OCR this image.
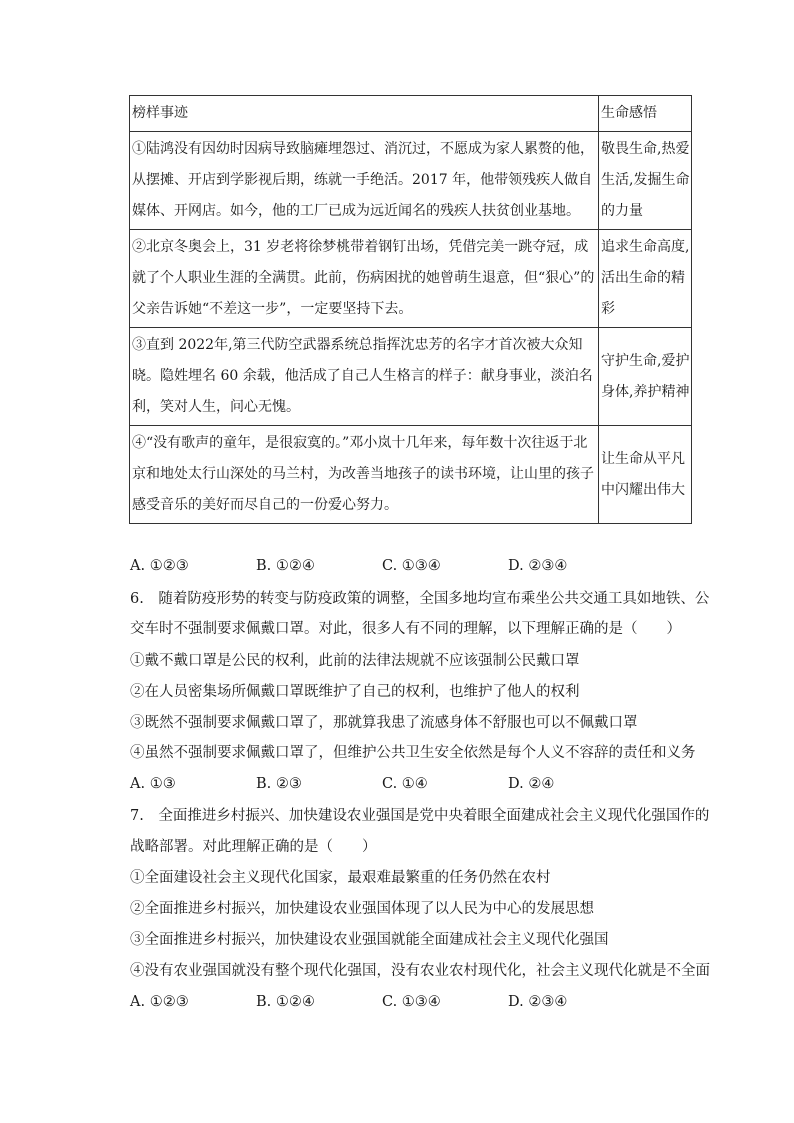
榜样事迹	生命感悟
①陆鸿没有因幼时因病导致脑瘫埋怨过、消沉过，不愿成为家人累赘的他，从摆摊、开店到学影视后期，练就一手绝活。2017 年，他带领残疾人做自媒体、开网店。如今，他的工厂已成为远近闻名的残疾人扶贫创业基地。	敬畏生命,热爱生活,发掘生命的力量
②北京冬奥会上，31 岁老将徐梦桃带着钢钉出场，凭借完美一跳夺冠，成就了个人职业生涯的全满贯。此前，伤病困扰的她曾萌生退意，但“狠心”的父亲告诉她“不差这一步”，一定要坚持下去。	追求生命高度,活出生命的精彩
③直到 2022年,第三代防空武器系统总指挥沈忠芳的名字才首次被大众知晓。隐姓埋名 60 余载，他活成了自己人生格言的样子：献身事业，淡泊名利，笑对人生，问心无愧。	守护生命,爱护身体,养护精神
④“没有歌声的童年，是很寂寞的。”邓小岚十几年来，每年数十次往返于北京和地处太行山深处的马兰村，为改善当地孩子的读书环境，让山里的孩子感受音乐的美好而尽自己的一份爱心努力。	让生命从平凡中闪耀出伟大
A. ①②③	B. ①②④	C. ①③④	D. ②③④
6.　随着防疫形势的转变与防疫政策的调整，全国多地均宣布乘坐公共交通工具如地铁、公
交车时不强制要求佩戴口罩。对此，很多人有不同的理解，以下理解正确的是（　　）
①戴不戴口罩是公民的权利，此前的法律法规就不应该强制公民戴口罩
②在人员密集场所佩戴口罩既维护了自己的权利，也维护了他人的权利
③既然不强制要求佩戴口罩了，那就算我患了流感身体不舒服也可以不佩戴口罩
④虽然不强制要求佩戴口罩了，但维护公共卫生安全依然是每个人义不容辞的责任和义务
A. ①③	B. ②③	C. ①④	D. ②④
7.　全面推进乡村振兴、加快建设农业强国是党中央着眼全面建成社会主义现代化强国作的
战略部署。对此理解正确的是（　　）
①全面建设社会主义现代化国家，最艰难最繁重的任务仍然在农村
②全面推进乡村振兴，加快建设农业强国体现了以人民为中心的发展思想
③全面推进乡村振兴，加快建设农业强国就能全面建成社会主义现代化强国
④没有农业强国就没有整个现代化强国，没有农业农村现代化，社会主义现代化就是不全面
A. ①②③	B. ①②④	C. ①③④	D. ②③④
